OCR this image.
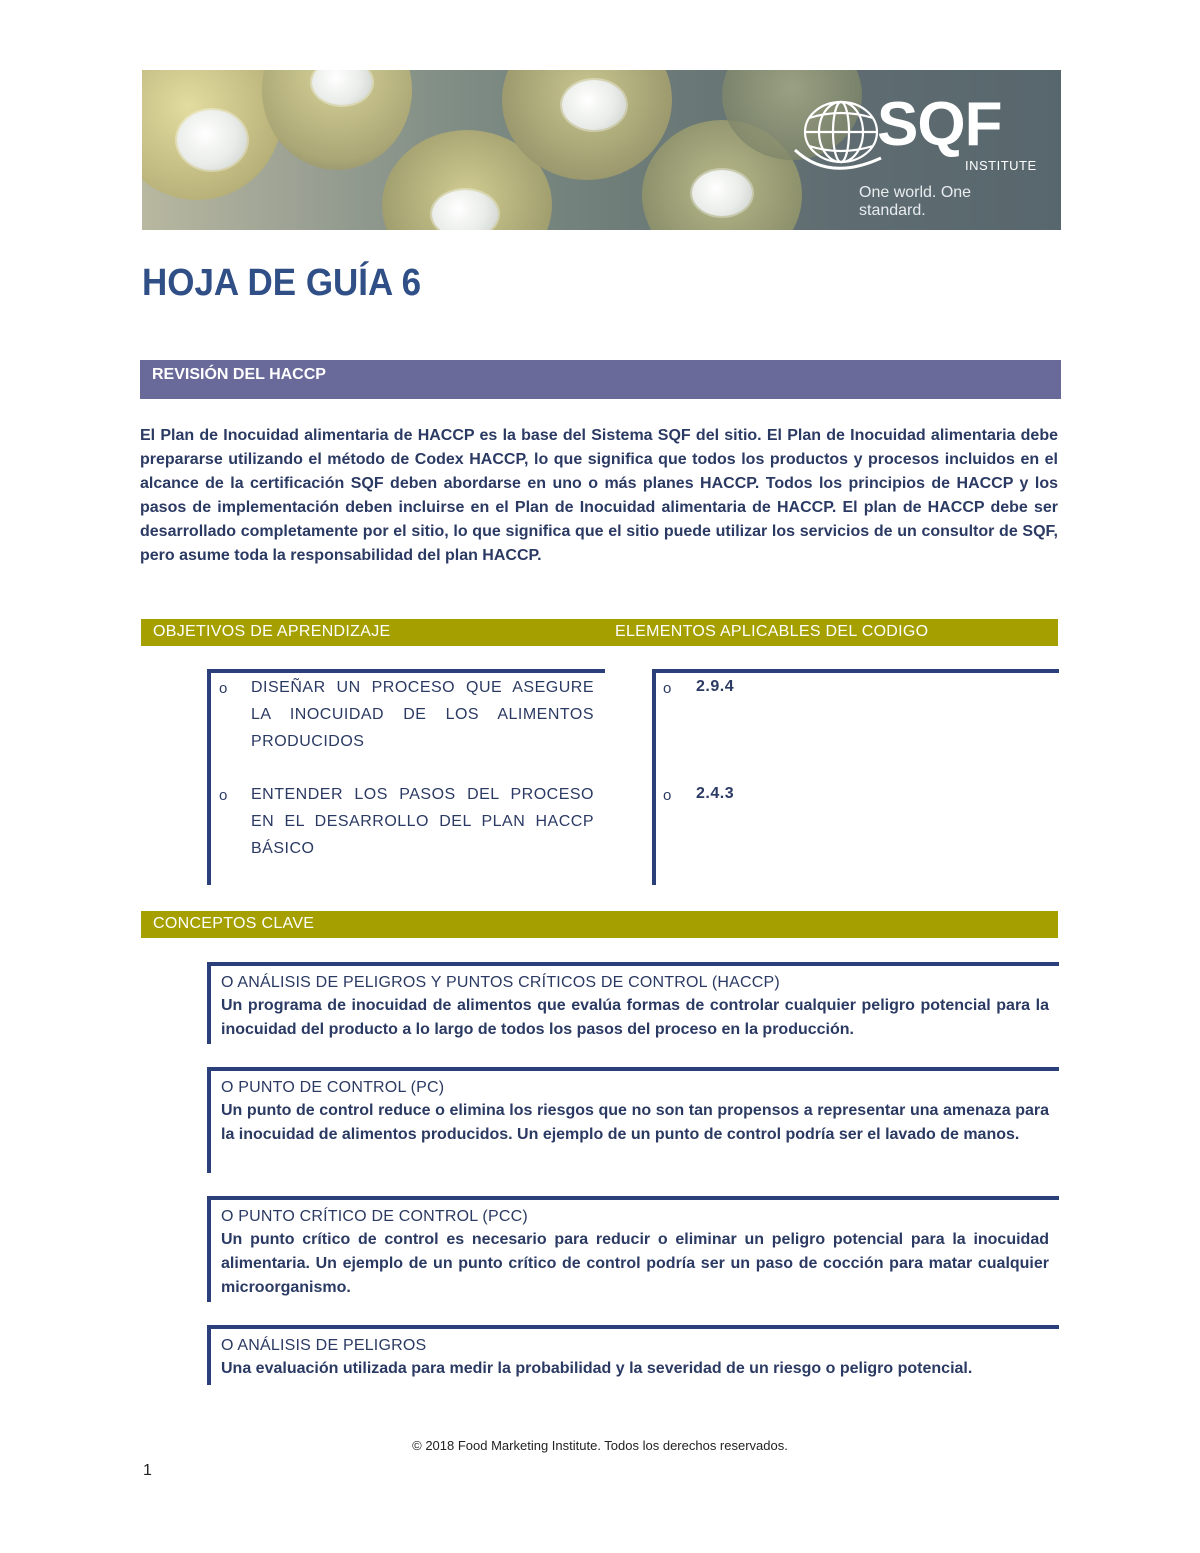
SQF
INSTITUTE
One world. One standard.
HOJA DE GUÍA 6
REVISIÓN DEL HACCP
El Plan de Inocuidad alimentaria de HACCP es la base del Sistema SQF del sitio. El Plan de Inocuidad alimentaria debe prepararse utilizando el método de Codex HACCP, lo que significa que todos los productos y procesos incluidos en el alcance de la certificación SQF deben abordarse en uno o más planes HACCP. Todos los principios de HACCP y los pasos de implementación deben incluirse en el Plan de Inocuidad alimentaria de HACCP. El plan de HACCP debe ser desarrollado completamente por el sitio, lo que significa que el sitio puede utilizar los servicios de un consultor de SQF, pero asume toda la responsabilidad del plan HACCP.
OBJETIVOS DE APRENDIZAJE	ELEMENTOS APLICABLES DEL CODIGO
o DISEÑAR UN PROCESO QUE ASEGURE LA INOCUIDAD DE LOS ALIMENTOS PRODUCIDOS
o ENTENDER LOS PASOS DEL PROCESO EN EL DESARROLLO DEL PLAN HACCP BÁSICO
o 2.9.4
o 2.4.3
CONCEPTOS CLAVE
O ANÁLISIS DE PELIGROS Y PUNTOS CRÍTICOS DE CONTROL (HACCP)
Un programa de inocuidad de alimentos que evalúa formas de controlar cualquier peligro potencial para la inocuidad del producto a lo largo de todos los pasos del proceso en la producción.
O PUNTO DE CONTROL (PC)
Un punto de control reduce o elimina los riesgos que no son tan propensos a representar una amenaza para la inocuidad de alimentos producidos. Un ejemplo de un punto de control podría ser el lavado de manos.
O PUNTO CRÍTICO DE CONTROL (PCC)
Un punto crítico de control es necesario para reducir o eliminar un peligro potencial para la inocuidad alimentaria. Un ejemplo de un punto crítico de control podría ser un paso de cocción para matar cualquier microorganismo.
O ANÁLISIS DE PELIGROS
Una evaluación utilizada para medir la probabilidad y la severidad de un riesgo o peligro potencial.
© 2018 Food Marketing Institute. Todos los derechos reservados.
1
